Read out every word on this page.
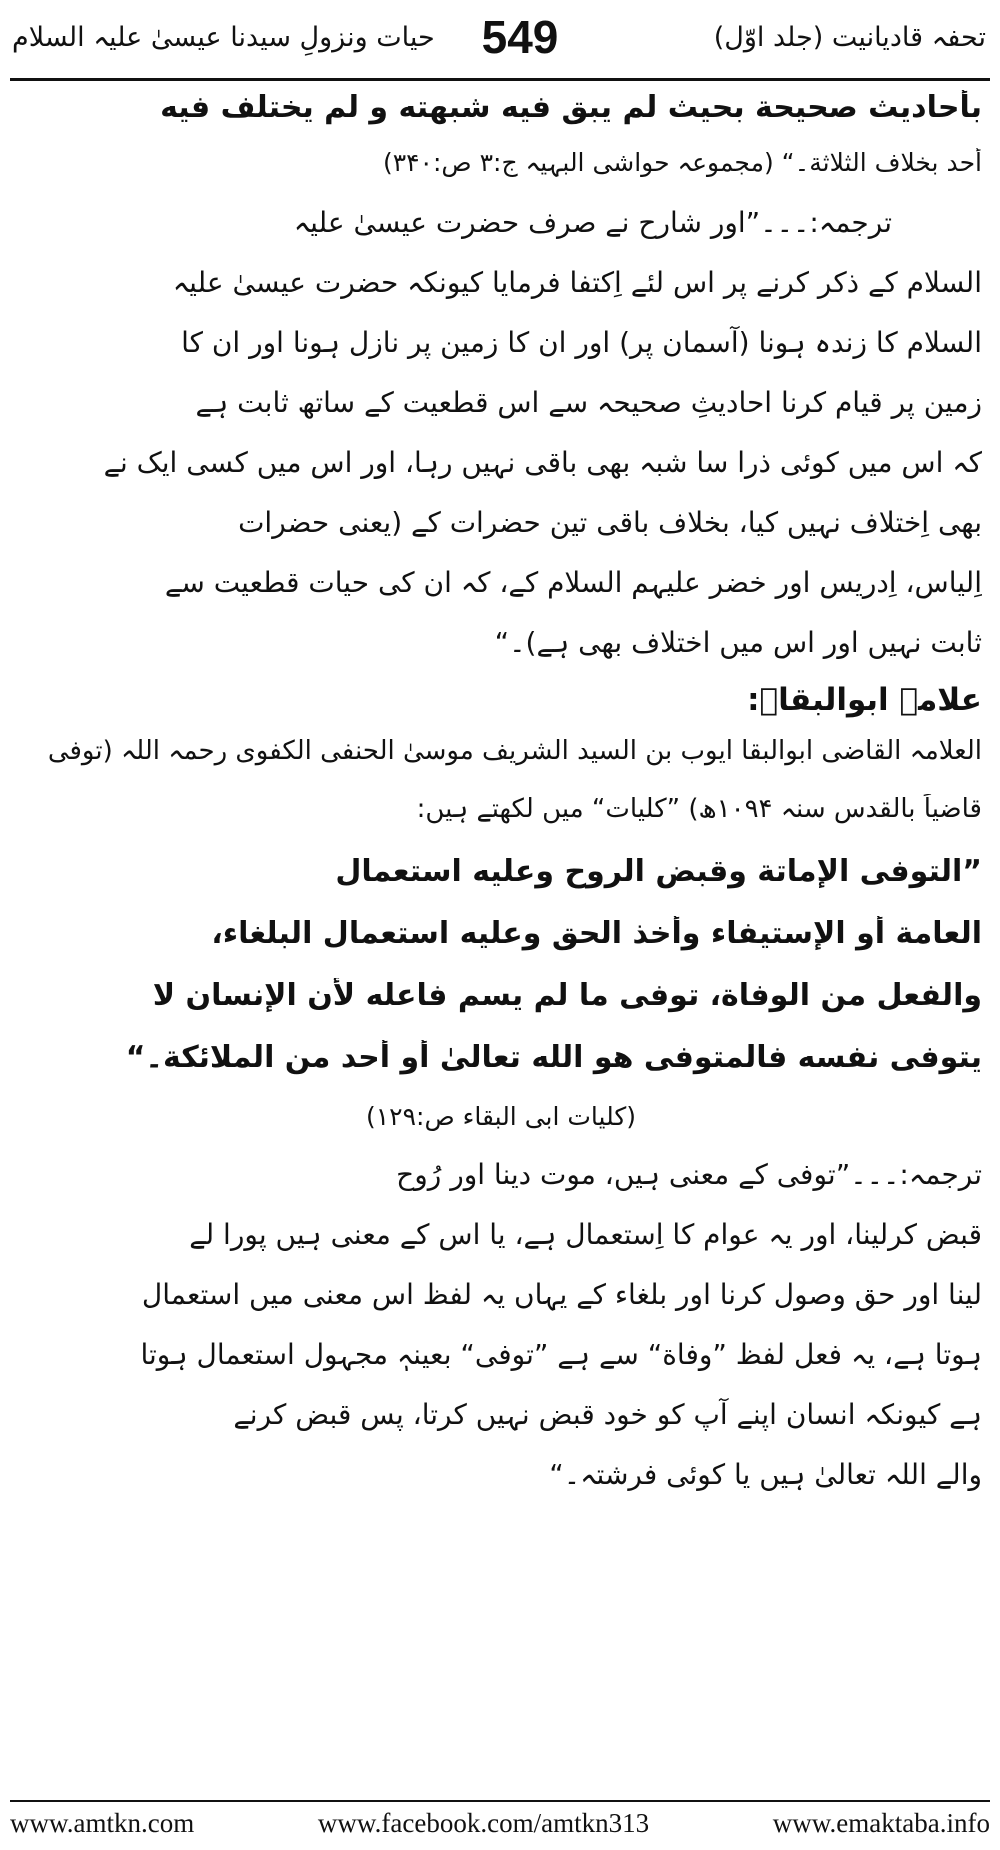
حیات ونزولِ سیدنا عیسیٰ علیہ السلام	549	تحفہ قادیانیت (جلد اوّل)
بأحاديث صحيحة بحيث لم يبق فيه شبهته و لم يختلف فيه
أحد بخلاف الثلاثة۔“ (مجموعہ حواشی البہیہ ج:۳ ص:۳۴۰)
ترجمہ:۔۔۔”اور شارح نے صرف حضرت عیسیٰ علیہ
السلام کے ذکر کرنے پر اس لئے اِکتفا فرمایا کیونکہ حضرت عیسیٰ علیہ
السلام کا زندہ ہونا (آسمان پر) اور ان کا زمین پر نازل ہونا اور ان کا
زمین پر قیام کرنا احادیثِ صحیحہ سے اس قطعیت کے ساتھ ثابت ہے
کہ اس میں کوئی ذرا سا شبہ بھی باقی نہیں رہا، اور اس میں کسی ایک نے
بھی اِختلاف نہیں کیا، بخلاف باقی تین حضرات کے (یعنی حضرات
اِلیاس، اِدریس اور خضر علیہم السلام کے، کہ ان کی حیات قطعیت سے
ثابت نہیں اور اس میں اختلاف بھی ہے)۔“
علامہ ابوالبقاؒ:
العلامہ القاضی ابوالبقا ایوب بن السید الشریف موسیٰ الحنفی الکفوی رحمہ اللہ (توفی
قاضیاً بالقدس سنہ ۱۰۹۴ھ) ”کلیات“ میں لکھتے ہیں:
”التوفی الإماتة وقبض الروح وعليه استعمال
العامة أو الإستيفاء وأخذ الحق وعليه استعمال البلغاء،
والفعل من الوفاة، توفى ما لم يسم فاعله لأن الإنسان لا
يتوفى نفسه فالمتوفى هو الله تعالىٰ أو أحد من الملائكة۔“
(کلیات ابی البقاء ص:۱۲۹)
ترجمہ:۔۔۔”توفی کے معنی ہیں، موت دینا اور رُوح
قبض کرلینا، اور یہ عوام کا اِستعمال ہے، یا اس کے معنی ہیں پورا لے
لینا اور حق وصول کرنا اور بلغاء کے یہاں یہ لفظ اس معنی میں استعمال
ہوتا ہے، یہ فعل لفظ ”وفاة“ سے ہے ”توفی“ بعینہٖ مجہول استعمال ہوتا
ہے کیونکہ انسان اپنے آپ کو خود قبض نہیں کرتا، پس قبض کرنے
والے اللہ تعالیٰ ہیں یا کوئی فرشتہ۔“
www.amtkn.com	www.facebook.com/amtkn313	www.emaktaba.info
